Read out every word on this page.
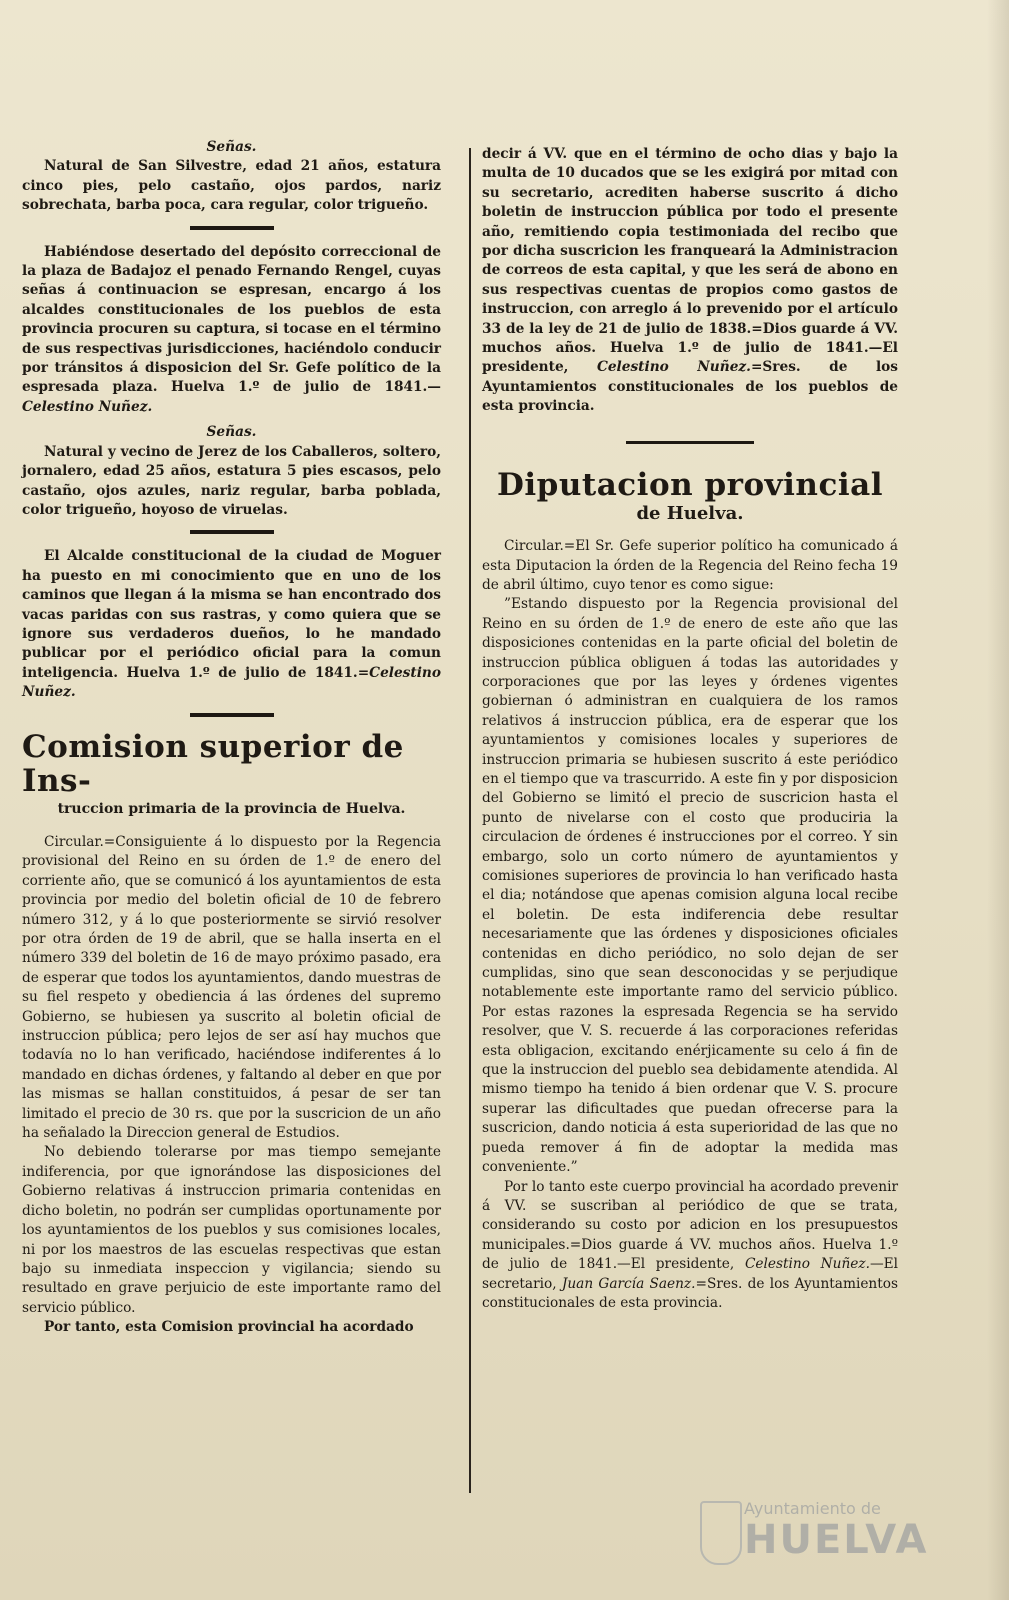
Señas.

Natural de San Silvestre, edad 21 años, estatura cinco pies, pelo castaño, ojos pardos, nariz sobrechata, barba poca, cara regular, color trigueño.

Habiéndose desertado del depósito correccional de la plaza de Badajoz el penado Fernando Rengel, cuyas señas á continuacion se espresan, encargo á los alcaldes constitucionales de los pueblos de esta provincia procuren su captura, si tocase en el término de sus respectivas jurisdicciones, haciéndolo conducir por tránsitos á disposicion del Sr. Gefe político de la espresada plaza. Huelva 1.º de julio de 1841.— Celestino Nuñez.

Señas.

Natural y vecino de Jerez de los Caballeros, soltero, jornalero, edad 25 años, estatura 5 pies escasos, pelo castaño, ojos azules, nariz regular, barba poblada, color trigueño, hoyoso de viruelas.

El Alcalde constitucional de la ciudad de Moguer ha puesto en mi conocimiento que en uno de los caminos que llegan á la misma se han encontrado dos vacas paridas con sus rastras, y como quiera que se ignore sus verdaderos dueños, lo he mandado publicar por el periódico oficial para la comun inteligencia. Huelva 1.º de julio de 1841.=Celestino Nuñez.

Comision superior de Ins-
truccion primaria de la provincia de Huelva.

Circular.=Consiguiente á lo dispuesto por la Regencia provisional del Reino en su órden de 1.º de enero del corriente año, que se comunicó á los ayuntamientos de esta provincia por medio del boletin oficial de 10 de febrero número 312, y á lo que posteriormente se sirvió resolver por otra órden de 19 de abril, que se halla inserta en el número 339 del boletin de 16 de mayo próximo pasado, era de esperar que todos los ayuntamientos, dando muestras de su fiel respeto y obediencia á las órdenes del supremo Gobierno, se hubiesen ya suscrito al boletin oficial de instruccion pública; pero lejos de ser así hay muchos que todavía no lo han verificado, haciéndose indiferentes á lo mandado en dichas órdenes, y faltando al deber en que por las mismas se hallan constituidos, á pesar de ser tan limitado el precio de 30 rs. que por la suscricion de un año ha señalado la Direccion general de Estudios.

No debiendo tolerarse por mas tiempo semejante indiferencia, por que ignorándose las disposiciones del Gobierno relativas á instruccion primaria contenidas en dicho boletin, no podrán ser cumplidas oportunamente por los ayuntamientos de los pueblos y sus comisiones locales, ni por los maestros de las escuelas respectivas que estan bajo su inmediata inspeccion y vigilancia; siendo su resultado en grave perjuicio de este importante ramo del servicio público.

Por tanto, esta Comision provincial ha acordado

decir á VV. que en el término de ocho dias y bajo la multa de 10 ducados que se les exigirá por mitad con su secretario, acrediten haberse suscrito á dicho boletin de instruccion pública por todo el presente año, remitiendo copia testimoniada del recibo que por dicha suscricion les franqueará la Administracion de correos de esta capital, y que les será de abono en sus respectivas cuentas de propios como gastos de instruccion, con arreglo á lo prevenido por el artículo 33 de la ley de 21 de julio de 1838.=Dios guarde á VV. muchos años. Huelva 1.º de julio de 1841.—El presidente, Celestino Nuñez.=Sres. de los Ayuntamientos constitucionales de los pueblos de esta provincia.

Diputacion provincial
de Huelva.

Circular.=El Sr. Gefe superior político ha comunicado á esta Diputacion la órden de la Regencia del Reino fecha 19 de abril último, cuyo tenor es como sigue:

”Estando dispuesto por la Regencia provisional del Reino en su órden de 1.º de enero de este año que las disposiciones contenidas en la parte oficial del boletin de instruccion pública obliguen á todas las autoridades y corporaciones que por las leyes y órdenes vigentes gobiernan ó administran en cualquiera de los ramos relativos á instruccion pública, era de esperar que los ayuntamientos y comisiones locales y superiores de instruccion primaria se hubiesen suscrito á este periódico en el tiempo que va trascurrido. A este fin y por disposicion del Gobierno se limitó el precio de suscricion hasta el punto de nivelarse con el costo que produciria la circulacion de órdenes é instrucciones por el correo. Y sin embargo, solo un corto número de ayuntamientos y comisiones superiores de provincia lo han verificado hasta el dia; notándose que apenas comision alguna local recibe el boletin. De esta indiferencia debe resultar necesariamente que las órdenes y disposiciones oficiales contenidas en dicho periódico, no solo dejan de ser cumplidas, sino que sean desconocidas y se perjudique notablemente este importante ramo del servicio público. Por estas razones la espresada Regencia se ha servido resolver, que V. S. recuerde á las corporaciones referidas esta obligacion, excitando enérjicamente su celo á fin de que la instruccion del pueblo sea debidamente atendida. Al mismo tiempo ha tenido á bien ordenar que V. S. procure superar las dificultades que puedan ofrecerse para la suscricion, dando noticia á esta superioridad de las que no pueda remover á fin de adoptar la medida mas conveniente.”

Por lo tanto este cuerpo provincial ha acordado prevenir á VV. se suscriban al periódico de que se trata, considerando su costo por adicion en los presupuestos municipales.=Dios guarde á VV. muchos años. Huelva 1.º de julio de 1841.—El presidente, Celestino Nuñez.—El secretario, Juan García Saenz.=Sres. de los Ayuntamientos constitucionales de esta provincia.

Ayuntamiento de
HUELVA
